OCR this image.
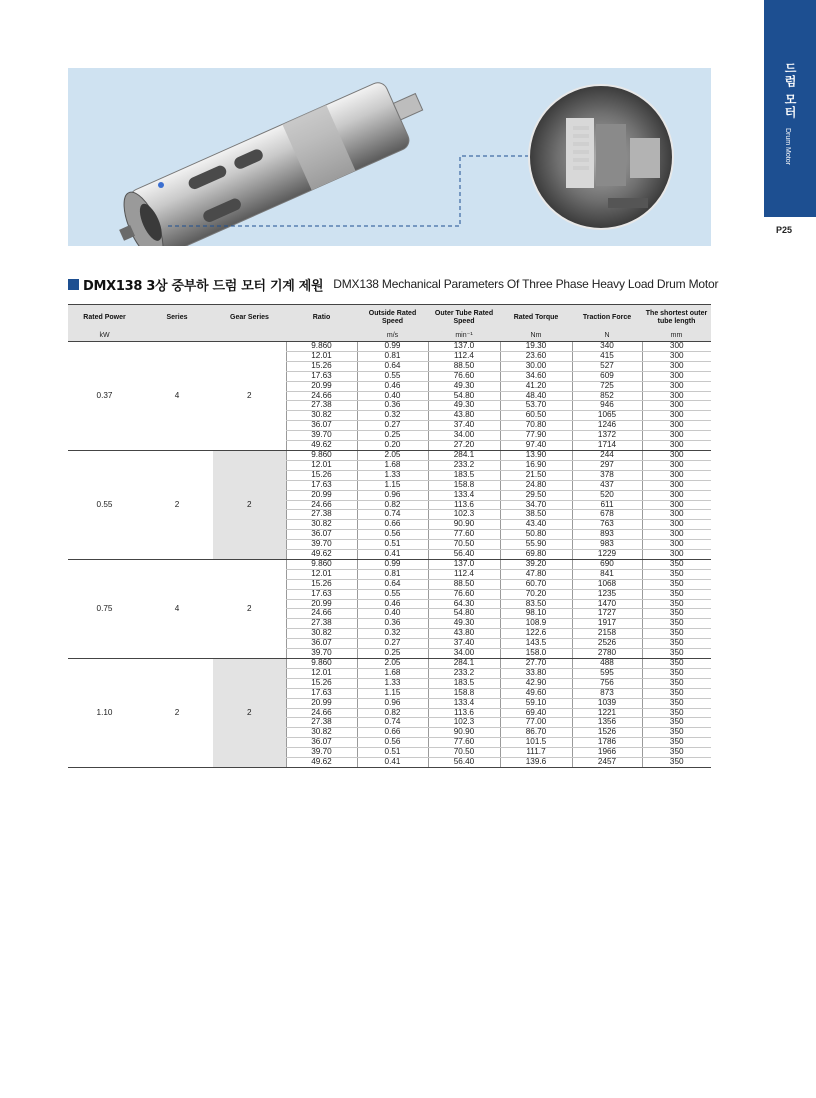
드럼 모터
Drum Motor
P25
DMX138 3상 중부하 드럼 모터 기계 제원 DMX138 Mechanical Parameters Of Three Phase Heavy Load Drum Motor
Rated Power	Series	Gear Series	Ratio	Outside Rated Speed	Outer Tube Rated Speed	Rated Torque	Traction Force	The shortest outer tube length
kW				m/s	min⁻¹	Nm	N	mm
0.37	4	2	9.860	0.99	137.0	19.30	340	300
			12.01	0.81	112.4	23.60	415	300
			15.26	0.64	88.50	30.00	527	300
			17.63	0.55	76.60	34.60	609	300
			20.99	0.46	49.30	41.20	725	300
			24.66	0.40	54.80	48.40	852	300
			27.38	0.36	49.30	53.70	946	300
			30.82	0.32	43.80	60.50	1065	300
			36.07	0.27	37.40	70.80	1246	300
			39.70	0.25	34.00	77.90	1372	300
			49.62	0.20	27.20	97.40	1714	300
0.55	2	2	9.860	2.05	284.1	13.90	244	300
			12.01	1.68	233.2	16.90	297	300
			15.26	1.33	183.5	21.50	378	300
			17.63	1.15	158.8	24.80	437	300
			20.99	0.96	133.4	29.50	520	300
			24.66	0.82	113.6	34.70	611	300
			27.38	0.74	102.3	38.50	678	300
			30.82	0.66	90.90	43.40	763	300
			36.07	0.56	77.60	50.80	893	300
			39.70	0.51	70.50	55.90	983	300
			49.62	0.41	56.40	69.80	1229	300
0.75	4	2	9.860	0.99	137.0	39.20	690	350
			12.01	0.81	112.4	47.80	841	350
			15.26	0.64	88.50	60.70	1068	350
			17.63	0.55	76.60	70.20	1235	350
			20.99	0.46	64.30	83.50	1470	350
			24.66	0.40	54.80	98.10	1727	350
			27.38	0.36	49.30	108.9	1917	350
			30.82	0.32	43.80	122.6	2158	350
			36.07	0.27	37.40	143.5	2526	350
			39.70	0.25	34.00	158.0	2780	350
1.10	2	2	9.860	2.05	284.1	27.70	488	350
			12.01	1.68	233.2	33.80	595	350
			15.26	1.33	183.5	42.90	756	350
			17.63	1.15	158.8	49.60	873	350
			20.99	0.96	133.4	59.10	1039	350
			24.66	0.82	113.6	69.40	1221	350
			27.38	0.74	102.3	77.00	1356	350
			30.82	0.66	90.90	86.70	1526	350
			36.07	0.56	77.60	101.5	1786	350
			39.70	0.51	70.50	111.7	1966	350
			49.62	0.41	56.40	139.6	2457	350
